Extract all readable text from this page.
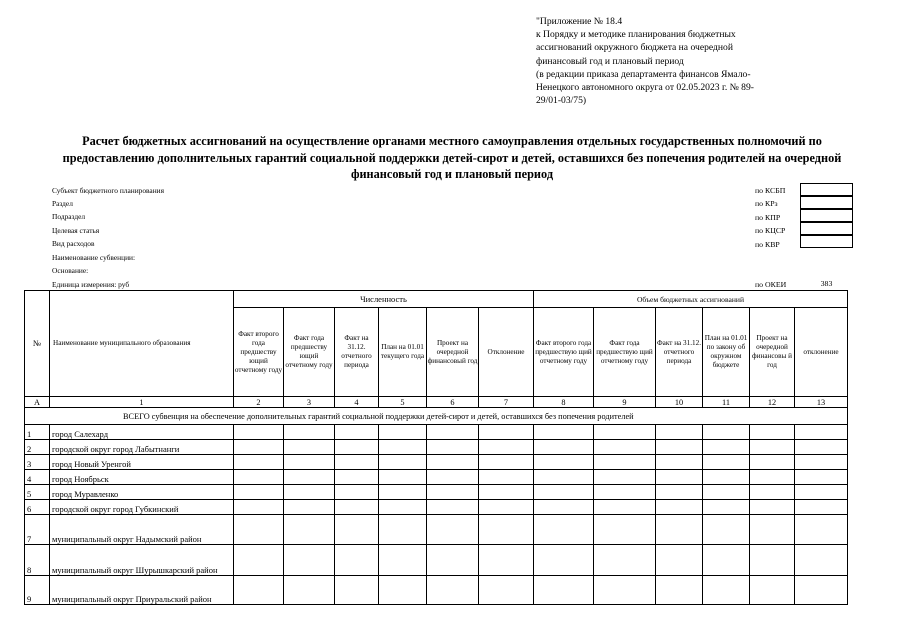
"Приложение № 18.4
к Порядку и методике планирования бюджетных
ассигнований окружного бюджета на очередной
финансовый год и плановый период
(в редакции приказа департамента финансов Ямало-
Ненецкого автономного округа от 02.05.2023 г. № 89-
29/01-03/75)
Расчет бюджетных ассигнований на осуществление органами местного самоуправления отдельных государственных полномочий по
предоставлению дополнительных гарантий социальной поддержки детей-сирот и детей, оставшихся без попечения родителей на очередной
финансовый год и плановый период
Субъект бюджетного планирования
Раздел
Подраздел
Целевая статья
Вид расходов
Наименование субвенции:
Основание:
Единица измерения: руб
по КСБП
по КРз
по КПР
по КЦСР
по КВР
по ОКЕИ	383
№	Наименование муниципального образования	Численность						Объем бюджетных ассигнований					
		Факт второго года предшеству ющий отчетному году	Факт года предшеству ющий отчетному году	Факт на 31.12. отчетного периода	План на 01.01 текущего года	Проект на очередной финансовый год	Отклонение	Факт второго года предшествую щий отчетному году	Факт года предшествую щий отчетному году	Факт на 31.12. отчетного периода	План на 01.01 по закону об окружном бюджете	Проект на очередной финансовы й год	отклонение
А	1	2	3	4	5	6	7	8	9	10	11	12	13
ВСЕГО субвенция на обеспечение дополнительных гарантий социальной поддержки детей-сирот и детей, оставшихся без попечения родителей													
1	город Салехард												
2	городской округ город Лабытнанги												
3	город Новый Уренгой												
4	город Ноябрьск												
5	город Муравленко												
6	городской округ город Губкинский												
7	муниципальный округ Надымский район												
8	муниципальный округ Шурышкарский район												
9	муниципальный округ Приуральский район												
